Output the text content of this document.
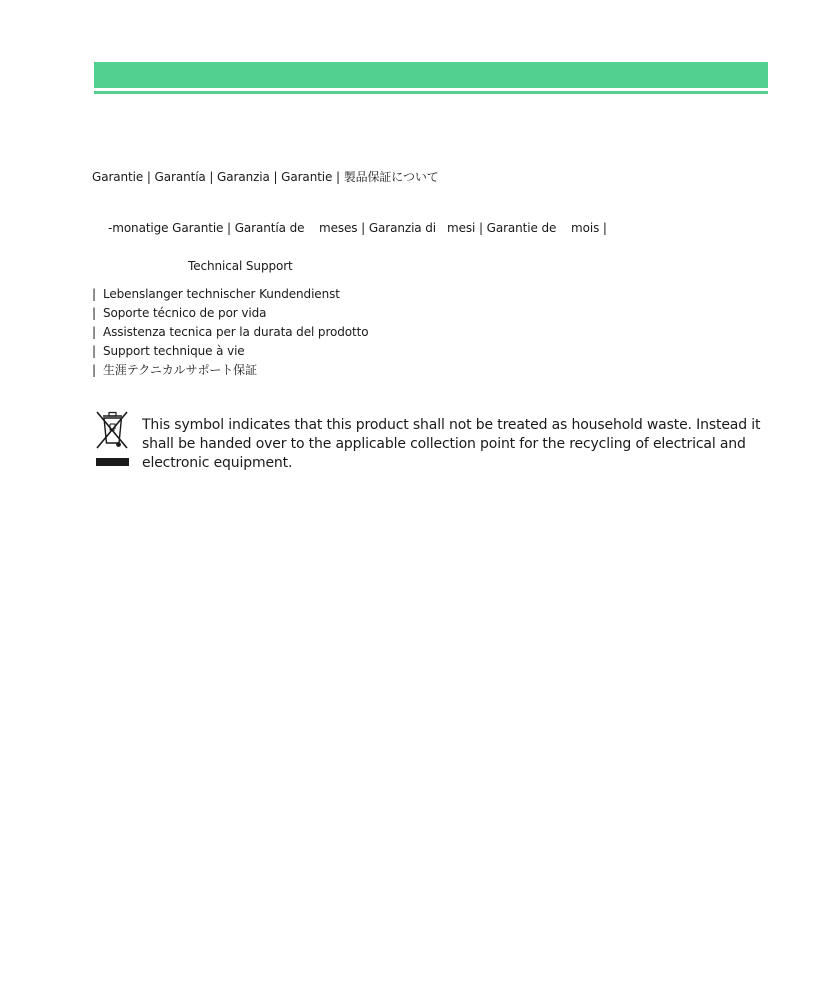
Garantie | Garantía | Garanzia | Garantie | 製品保証について
-monatige Garantie | Garantía de meses | Garanzia di mesi | Garantie de mois |
Technical Support
| Lebenslanger technischer Kundendienst
| Soporte técnico de por vida
| Assistenza tecnica per la durata del prodotto
| Support technique à vie
| 生涯テクニカルサポート保証
This symbol indicates that this product shall not be treated as household waste. Instead it shall be handed over to the applicable collection point for the recycling of electrical and electronic equipment.
